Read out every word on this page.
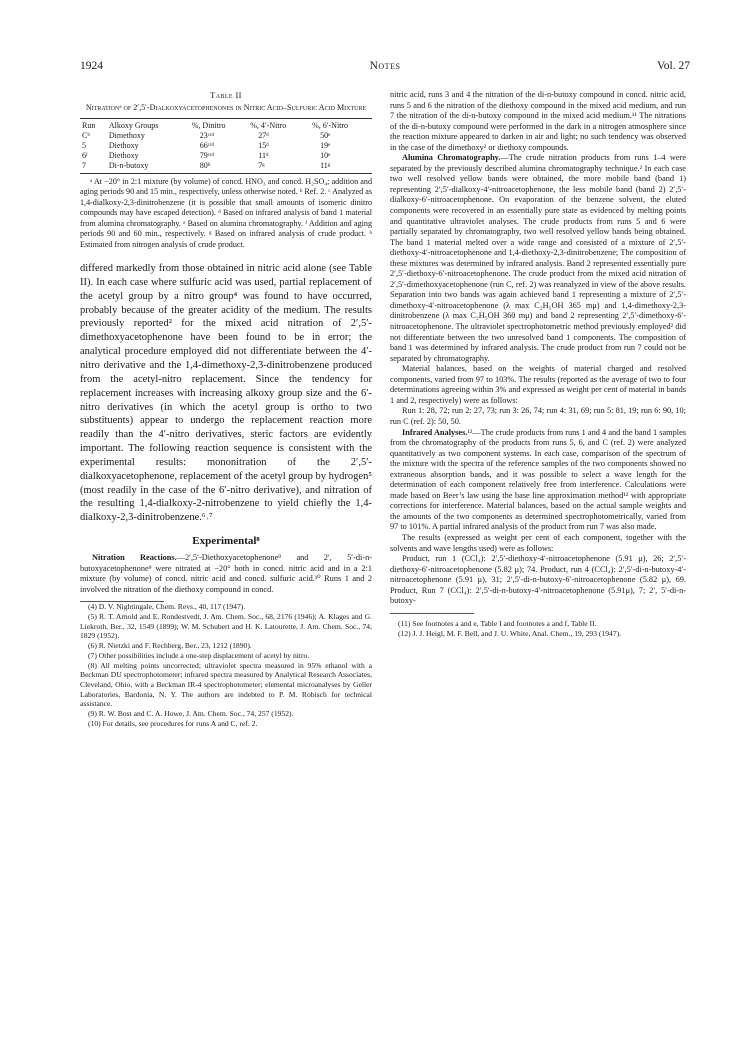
1924	Notes	Vol. 27
Table II
Nitrationᵃ of 2′,5′-Dialkoxyacetophenones in Nitric Acid–Sulfuric Acid Mixture
Run	Alkoxy Groups	%, Dinitro	%, 4′-Nitro	%, 6′-Nitro
Cᵇ	Dimethoxy	23ᶜʳᵈ	27ᵈ	50ᵉ
5	Diethoxy	66ᶜʳᵈ	15ᵈ	19ᵉ
6ᶠ	Diethoxy	79ᶜʳᵈ	11ᵈ	10ᵉ
7	Di-n-butoxy	80ʰ	7ᵍ	11ᵍ

ᵃ At −20° in 2:1 mixture (by volume) of concd. HNO₃ and concd. H₂SO₄; addition and aging periods 90 and 15 min., respectively, unless otherwise noted. ᵇ Ref. 2. ᶜ Analyzed as 1,4-dialkoxy-2,3-dinitrobenzene (it is possible that small amounts of isomeric dinitro compounds may have escaped detection). ᵈ Based on infrared analysis of band 1 material from alumina chromatography. ᵉ Based on alumina chromatography. ᶠ Addition and aging periods 90 and 60 min., respectively. ᵍ Based on infrared analysis of crude product. ʰ Estimated from nitrogen analysis of crude product.

differed markedly from those obtained in nitric acid alone (see Table II). In each case where sulfuric acid was used, partial replacement of the acetyl group by a nitro group⁴ was found to have occurred, probably because of the greater acidity of the medium. The results previously reported² for the mixed acid nitration of 2′,5′-dimethoxyacetophenone have been found to be in error; the analytical procedure employed did not differentiate between the 4′-nitro derivative and the 1,4-dimethoxy-2,3-dinitrobenzene produced from the acetyl-nitro replacement. Since the tendency for replacement increases with increasing alkoxy group size and the 6′-nitro derivatives (in which the acetyl group is ortho to two substituents) appear to undergo the replacement reaction more readily than the 4′-nitro derivatives, steric factors are evidently important. The following reaction sequence is consistent with the experimental results: mononitration of the 2′,5′-dialkoxyacetophenone, replacement of the acetyl group by hydrogen⁵ (most readily in the case of the 6′-nitro derivative), and nitration of the resulting 1,4-dialkoxy-2-nitrobenzene to yield chiefly the 1,4-dialkoxy-2,3-dinitrobenzene.⁶˒⁷

Experimental⁸

Nitration Reactions.—2′,5′-Diethoxyacetophenone⁹ and 2′, 5′-di-n-butoxyacetophenone⁹ were nitrated at −20° both in concd. nitric acid and in a 2:1 mixture (by volume) of concd. nitric acid and concd. sulfuric acid.¹⁰ Runs 1 and 2 involved the nitration of the diethoxy compound in concd.

(4) D. V. Nightingale, Chem. Revs., 40, 117 (1947).

(5) R. T. Arnold and E. Rondestvedt, J. Am. Chem. Soc., 68, 2176 (1946); A. Klages and G. Liekroth, Ber., 32, 1549 (1899); W. M. Schubert and H. K. Latourette, J. Am. Chem. Soc., 74, 1829 (1952).

(6) R. Nietzki and F. Rechberg, Ber., 23, 1212 (1890).

(7) Other possibilities include a one-step displacement of acetyl by nitro.

(8) All melting points uncorrected; ultraviolet spectra measured in 95% ethanol with a Beckman DU spectrophotometer; infrared spectra measured by Analytical Research Associates, Cleveland, Ohio, with a Beckman IR-4 spectrophotometer; elemental microanalyses by Geller Laboratories, Bardonia, N. Y. The authors are indebted to P. M. Robisch for technical assistance.

(9) R. W. Bost and C. A. Howe, J. Am. Chem. Soc., 74, 257 (1952).

(10) For details, see procedures for runs A and C, ref. 2.

nitric acid, runs 3 and 4 the nitration of the di-n-butoxy compound in concd. nitric acid, runs 5 and 6 the nitration of the diethoxy compound in the mixed acid medium, and run 7 the nitration of the di-n-butoxy compound in the mixed acid medium.¹¹ The nitrations of the di-n-butoxy compound were performed in the dark in a nitrogen atmosphere since the reaction mixture appeared to darken in air and light; no such tendency was observed in the case of the dimethoxy² or diethoxy compounds.

Alumina Chromatography.—The crude nitration products from runs 1–4 were separated by the previously described alumina chromatography technique.² In each case two well resolved yellow bands were obtained, the more mobile band (band 1) representing 2′,5′-dialkoxy-4′-nitroacetophenone, the less mobile band (band 2) 2′,5′-dialkoxy-6′-nitroacetophenone. On evaporation of the benzene solvent, the eluted components were recovered in an essentially pure state as evidenced by melting points and quantitative ultraviolet analyses. The crude products from runs 5 and 6 were partially separated by chromatography, two well resolved yellow bands being obtained. The band 1 material melted over a wide range and consisted of a mixture of 2′,5′-diethoxy-4′-nitroacetophenone and 1,4-diethoxy-2,3-dinitrobenzene; The composition of these mixtures was determined by infrared analysis. Band 2 represented essentially pure 2′,5′-diethoxy-6′-nitroacetophenone. The crude product from the mixed acid nitration of 2′,5′-dimethoxyacetophenone (run C, ref. 2) was reanalyzed in view of the above results. Separation into two bands was again achieved band 1 representing a mixture of 2′,5′-dimethoxy-4′-nitroacetophenone (λ max C₂H₅OH 365 mμ) and 1,4-dimethoxy-2,3-dinitrobenzene (λ max C₂H₅OH 360 mμ) and band 2 representing 2′,5′-dimethoxy-6′-nitroacetophenone. The ultraviolet spectrophotometric method previously employed² did not differentiate between the two unresolved band 1 components. The composition of band 1 was determined by infrared analysis. The crude product from run 7 could not be separated by chromatography.

Material balances, based on the weights of material charged and resolved components, varied from 97 to 103%. The results (reported as the average of two to four determinations agreeing within 3% and expressed as weight per cent of material in bands 1 and 2, respectively) were as follows:

Run 1: 28, 72; run 2: 27, 73; run 3: 26, 74; run 4: 31, 69; run 5: 81, 19; run 6: 90, 10; run C (ref. 2): 50, 50.

Infrared Analyses.¹²—The crude products from runs 1 and 4 and the band 1 samples from the chromatography of the products from runs 5, 6, and C (ref. 2) were analyzed quantitatively as two component systems. In each case, comparison of the spectrum of the mixture with the spectra of the reference samples of the two components showed no extraneous absorption bands, and it was possible to select a wave length for the determination of each component relatively free from interference. Calculations were made based on Beer’s law using the base line approximation method¹² with appropriate corrections for interference. Material balances, based on the actual sample weights and the amounts of the two components as determined spectrophotometrically, varied from 97 to 101%. A partial infrared analysis of the product from run 7 was also made.

The results (expressed as weight per cent of each component, together with the solvents and wave lengths used) were as follows:

Product, run 1 (CCl₄): 2′,5′-diethoxy-4′-nitroacetophenone (5.91 μ), 26; 2′,5′-diethoxy-6′-nitroacetophenone (5.82 μ); 74. Product, run 4 (CCl₄): 2′,5′-di-n-butoxy-4′-nitroacetophenone (5.91 μ), 31; 2′,5′-di-n-butoxy-6′-nitroacetophenone (5.82 μ), 69. Product, Run 7 (CCl₄): 2′,5′-di-n-butoxy-4′-nitroacetophenone (5.91μ), 7; 2′, 5′-di-n-butoxy-

(11) See footnotes a and e, Table I and footnotes a and f, Table II.

(12) J. J. Heigl, M. F. Bell, and J. U. White, Anal. Chem., 19, 293 (1947).
